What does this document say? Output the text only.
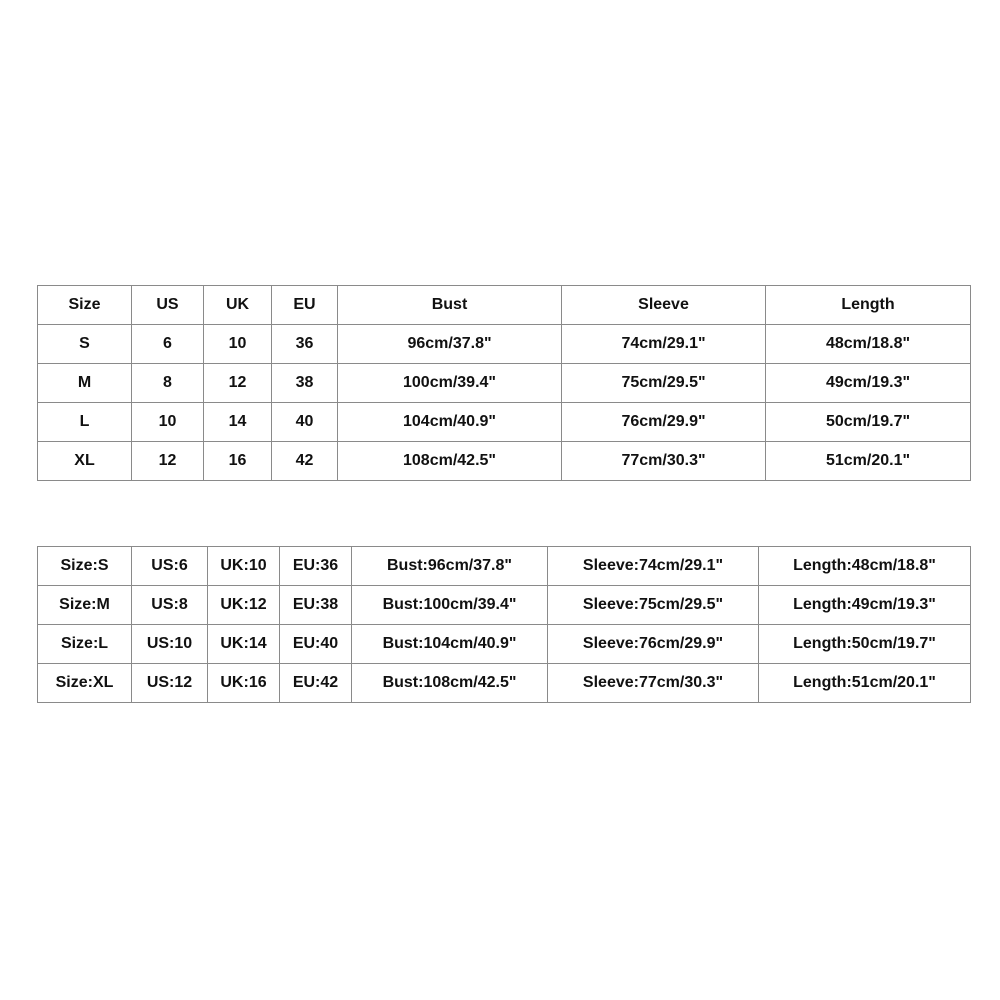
Size	US	UK	EU	Bust	Sleeve	Length
S	6	10	36	96cm/37.8"	74cm/29.1"	48cm/18.8"
M	8	12	38	100cm/39.4"	75cm/29.5"	49cm/19.3"
L	10	14	40	104cm/40.9"	76cm/29.9"	50cm/19.7"
XL	12	16	42	108cm/42.5"	77cm/30.3"	51cm/20.1"
Size:S	US:6	UK:10	EU:36	Bust:96cm/37.8"	Sleeve:74cm/29.1"	Length:48cm/18.8"
Size:M	US:8	UK:12	EU:38	Bust:100cm/39.4"	Sleeve:75cm/29.5"	Length:49cm/19.3"
Size:L	US:10	UK:14	EU:40	Bust:104cm/40.9"	Sleeve:76cm/29.9"	Length:50cm/19.7"
Size:XL	US:12	UK:16	EU:42	Bust:108cm/42.5"	Sleeve:77cm/30.3"	Length:51cm/20.1"
